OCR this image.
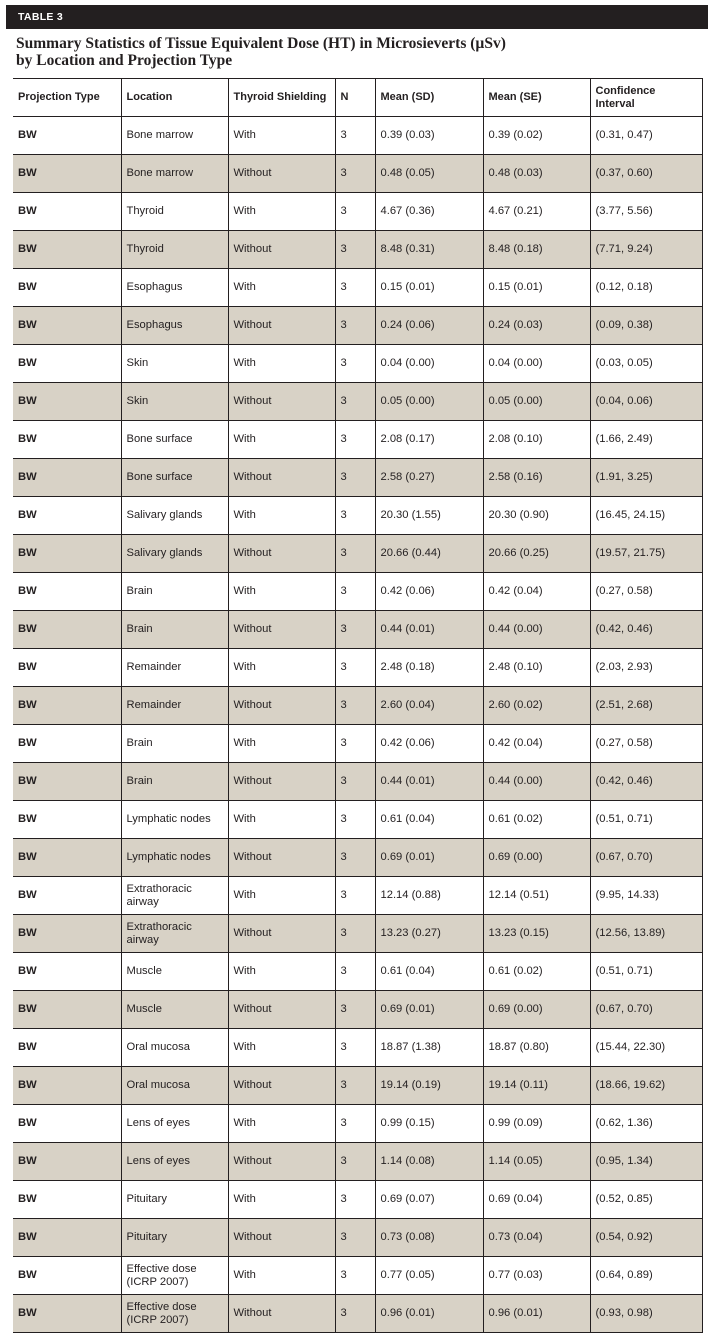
TABLE 3
Summary Statistics of Tissue Equivalent Dose (HT) in Microsieverts (µSv)
by Location and Projection Type
Projection Type	Location	Thyroid Shielding	N	Mean (SD)	Mean (SE)	Confidence Interval
BW	Bone marrow	With	3	0.39 (0.03)	0.39 (0.02)	(0.31, 0.47)
BW	Bone marrow	Without	3	0.48 (0.05)	0.48 (0.03)	(0.37, 0.60)
BW	Thyroid	With	3	4.67 (0.36)	4.67 (0.21)	(3.77, 5.56)
BW	Thyroid	Without	3	8.48 (0.31)	8.48 (0.18)	(7.71, 9.24)
BW	Esophagus	With	3	0.15 (0.01)	0.15 (0.01)	(0.12, 0.18)
BW	Esophagus	Without	3	0.24 (0.06)	0.24 (0.03)	(0.09, 0.38)
BW	Skin	With	3	0.04 (0.00)	0.04 (0.00)	(0.03, 0.05)
BW	Skin	Without	3	0.05 (0.00)	0.05 (0.00)	(0.04, 0.06)
BW	Bone surface	With	3	2.08 (0.17)	2.08 (0.10)	(1.66, 2.49)
BW	Bone surface	Without	3	2.58 (0.27)	2.58 (0.16)	(1.91, 3.25)
BW	Salivary glands	With	3	20.30 (1.55)	20.30 (0.90)	(16.45, 24.15)
BW	Salivary glands	Without	3	20.66 (0.44)	20.66 (0.25)	(19.57, 21.75)
BW	Brain	With	3	0.42 (0.06)	0.42 (0.04)	(0.27, 0.58)
BW	Brain	Without	3	0.44 (0.01)	0.44 (0.00)	(0.42, 0.46)
BW	Remainder	With	3	2.48 (0.18)	2.48 (0.10)	(2.03, 2.93)
BW	Remainder	Without	3	2.60 (0.04)	2.60 (0.02)	(2.51, 2.68)
BW	Brain	With	3	0.42 (0.06)	0.42 (0.04)	(0.27, 0.58)
BW	Brain	Without	3	0.44 (0.01)	0.44 (0.00)	(0.42, 0.46)
BW	Lymphatic nodes	With	3	0.61 (0.04)	0.61 (0.02)	(0.51, 0.71)
BW	Lymphatic nodes	Without	3	0.69 (0.01)	0.69 (0.00)	(0.67, 0.70)
BW	Extrathoracic airway	With	3	12.14 (0.88)	12.14 (0.51)	(9.95, 14.33)
BW	Extrathoracic airway	Without	3	13.23 (0.27)	13.23 (0.15)	(12.56, 13.89)
BW	Muscle	With	3	0.61 (0.04)	0.61 (0.02)	(0.51, 0.71)
BW	Muscle	Without	3	0.69 (0.01)	0.69 (0.00)	(0.67, 0.70)
BW	Oral mucosa	With	3	18.87 (1.38)	18.87 (0.80)	(15.44, 22.30)
BW	Oral mucosa	Without	3	19.14 (0.19)	19.14 (0.11)	(18.66, 19.62)
BW	Lens of eyes	With	3	0.99 (0.15)	0.99 (0.09)	(0.62, 1.36)
BW	Lens of eyes	Without	3	1.14 (0.08)	1.14 (0.05)	(0.95, 1.34)
BW	Pituitary	With	3	0.69 (0.07)	0.69 (0.04)	(0.52, 0.85)
BW	Pituitary	Without	3	0.73 (0.08)	0.73 (0.04)	(0.54, 0.92)
BW	Effective dose (ICRP 2007)	With	3	0.77 (0.05)	0.77 (0.03)	(0.64, 0.89)
BW	Effective dose (ICRP 2007)	Without	3	0.96 (0.01)	0.96 (0.01)	(0.93, 0.98)
